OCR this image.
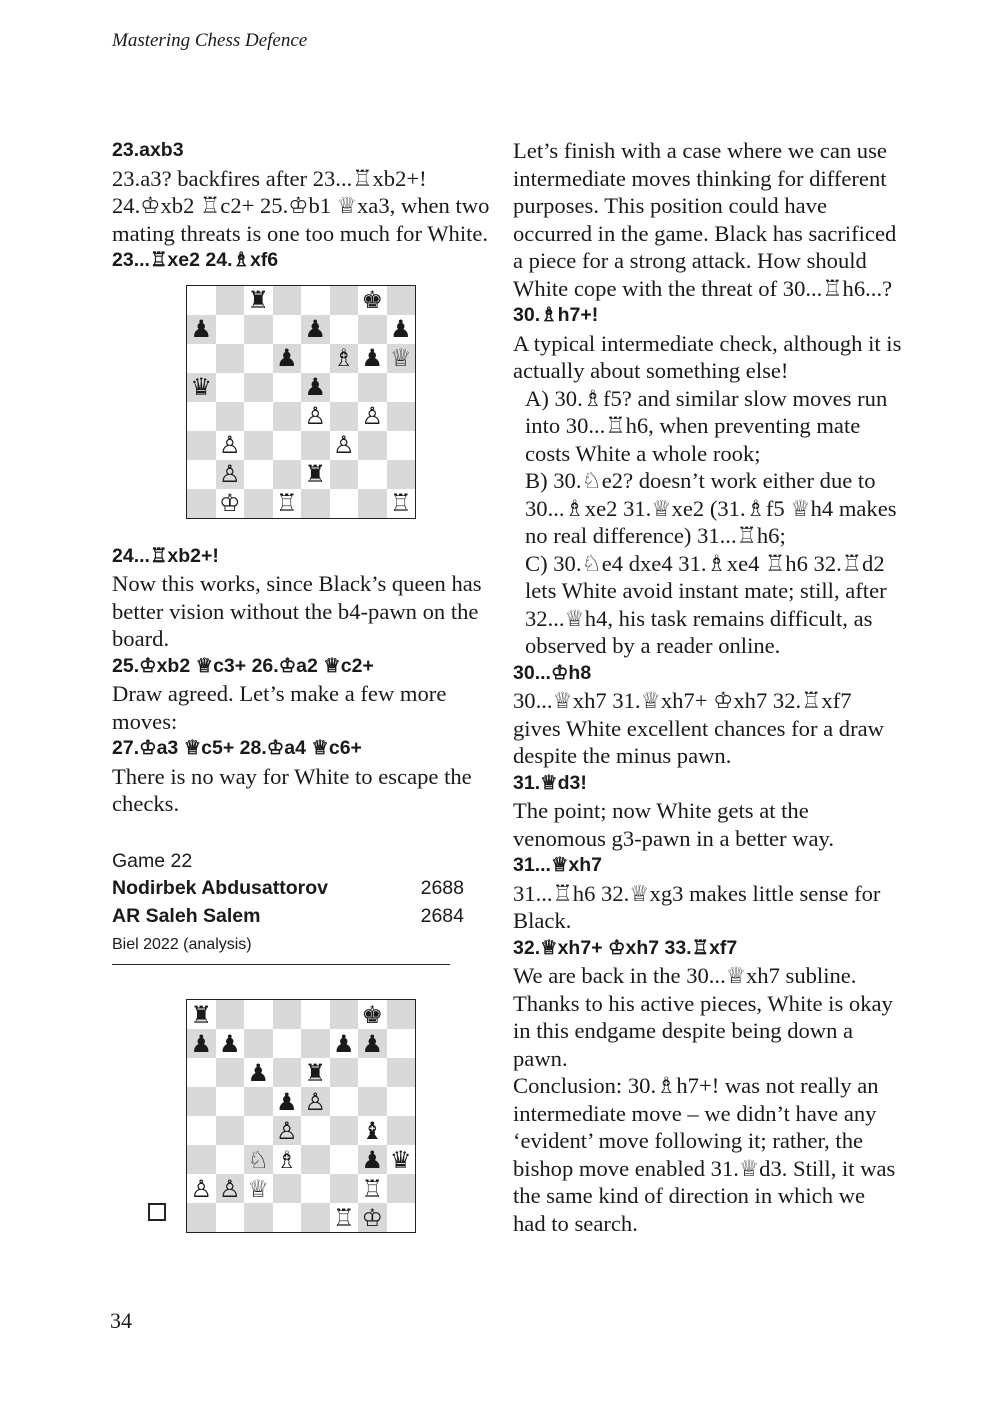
Mastering Chess Defence

23.axb3

23.a3? backfires after 23...♖xb2+!

24.♔xb2 ♖c2+ 25.♔b1 ♕xa3, when two mating threats is one too much for White.

23...♖xe2 24.♗xf6

♜	♚
♟	♟	♟
♟ ♗ ♟ ♕
♛	♟
♙ ♙
♙	♙
♙	♜
♔ ♖	♖

24...♖xb2+!

Now this works, since Black’s queen has better vision without the b4-pawn on the board.

25.♔xb2 ♕c3+ 26.♔a2 ♕c2+

Draw agreed. Let’s make a few more moves:

27.♔a3 ♕c5+ 28.♔a4 ♕c6+

There is no way for White to escape the checks.

Game 22
Nodirbek Abdusattorov	2688
AR Saleh Salem	2684
Biel 2022 (analysis)
♜	♚
♟ ♟	♟ ♟
♟ ♜
♟ ♙
♙	♝
♘ ♗	♟ ♛
♙ ♙ ♕	♖
♖ ♔

Let’s finish with a case where we can use intermediate moves thinking for different purposes. This position could have occurred in the game. Black has sacrificed a piece for a strong attack. How should White cope with the threat of 30...♖h6...?

30.♗h7+!

A typical intermediate check, although it is actually about something else!

A) 30.♗f5? and similar slow moves run into 30...♖h6, when preventing mate costs White a whole rook;

B) 30.♘e2? doesn’t work either due to 30...♗xe2 31.♕xe2 (31.♗f5 ♕h4 makes no real difference) 31...♖h6;

C) 30.♘e4 dxe4 31.♗xe4 ♖h6 32.♖d2 lets White avoid instant mate; still, after 32...♕h4, his task remains difficult, as observed by a reader online.

30...♔h8

30...♕xh7 31.♕xh7+ ♔xh7 32.♖xf7 gives White excellent chances for a draw despite the minus pawn.

31.♕d3!

The point; now White gets at the venomous g3-pawn in a better way.

31...♕xh7

31...♖h6 32.♕xg3 makes little sense for Black.

32.♕xh7+ ♔xh7 33.♖xf7

We are back in the 30...♕xh7 subline. Thanks to his active pieces, White is okay in this endgame despite being down a pawn.

Conclusion: 30.♗h7+! was not really an intermediate move – we didn’t have any ‘evident’ move following it; rather, the bishop move enabled 31.♕d3. Still, it was the same kind of direction in which we had to search.

34
